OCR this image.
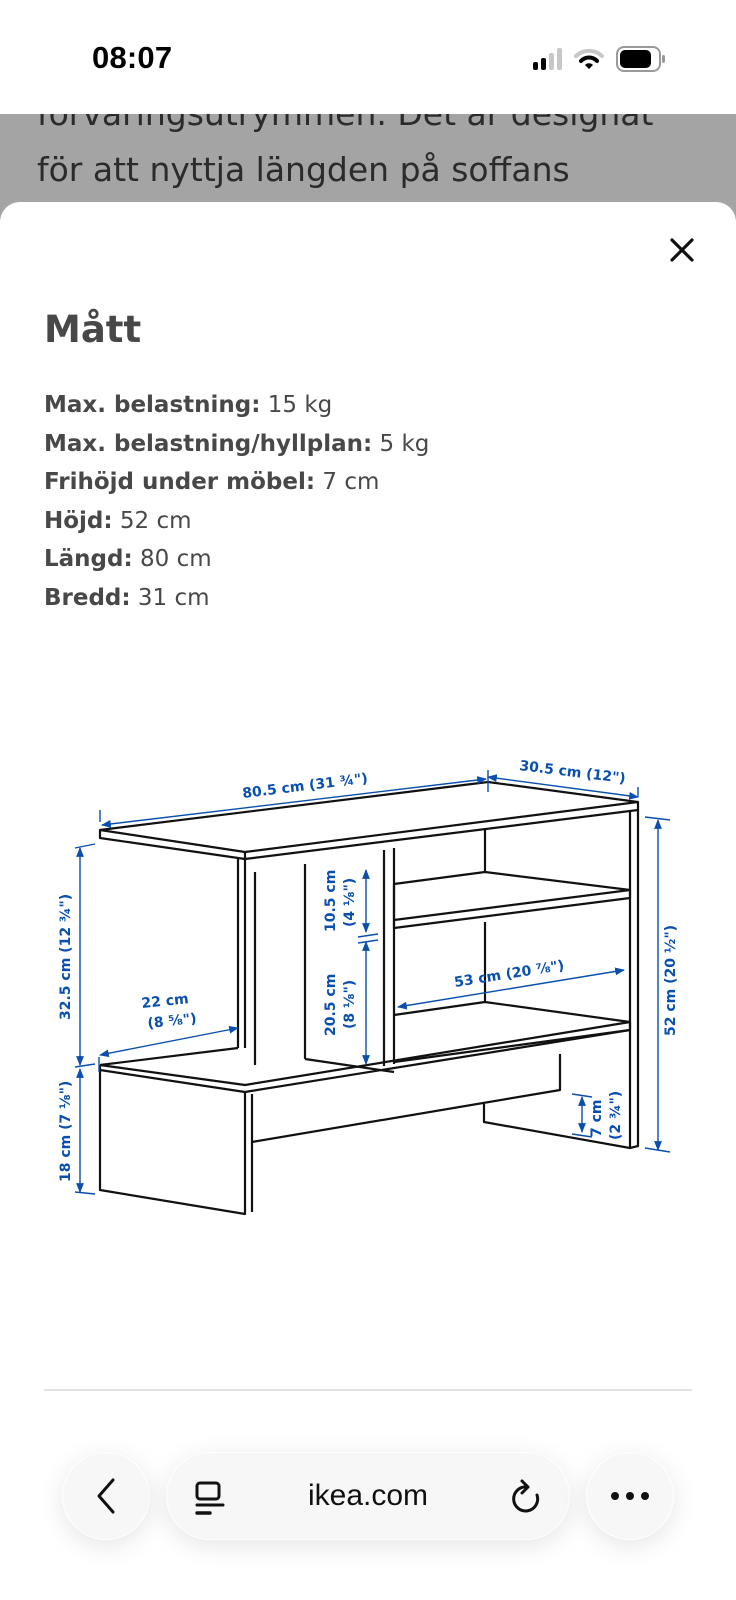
08:07
för att nyttja längden på soffans
Mått
Max. belastning: 15 kg
Max. belastning/hyllplan: 5 kg
Frihöjd under möbel: 7 cm
Höjd: 52 cm
Längd: 80 cm
Bredd: 31 cm
80.5 cm (31 ¾")	30.5 cm (12")
32.5 cm (12 ¾")
18 cm (7 ⅛")
52 cm (20 ½")
22 cm
(8 ⅝")
10.5 cm (4 ⅛")
20.5 cm (8 ⅛")
53 cm (20 ⅞")
7 cm (2 ¾")
ikea.com
